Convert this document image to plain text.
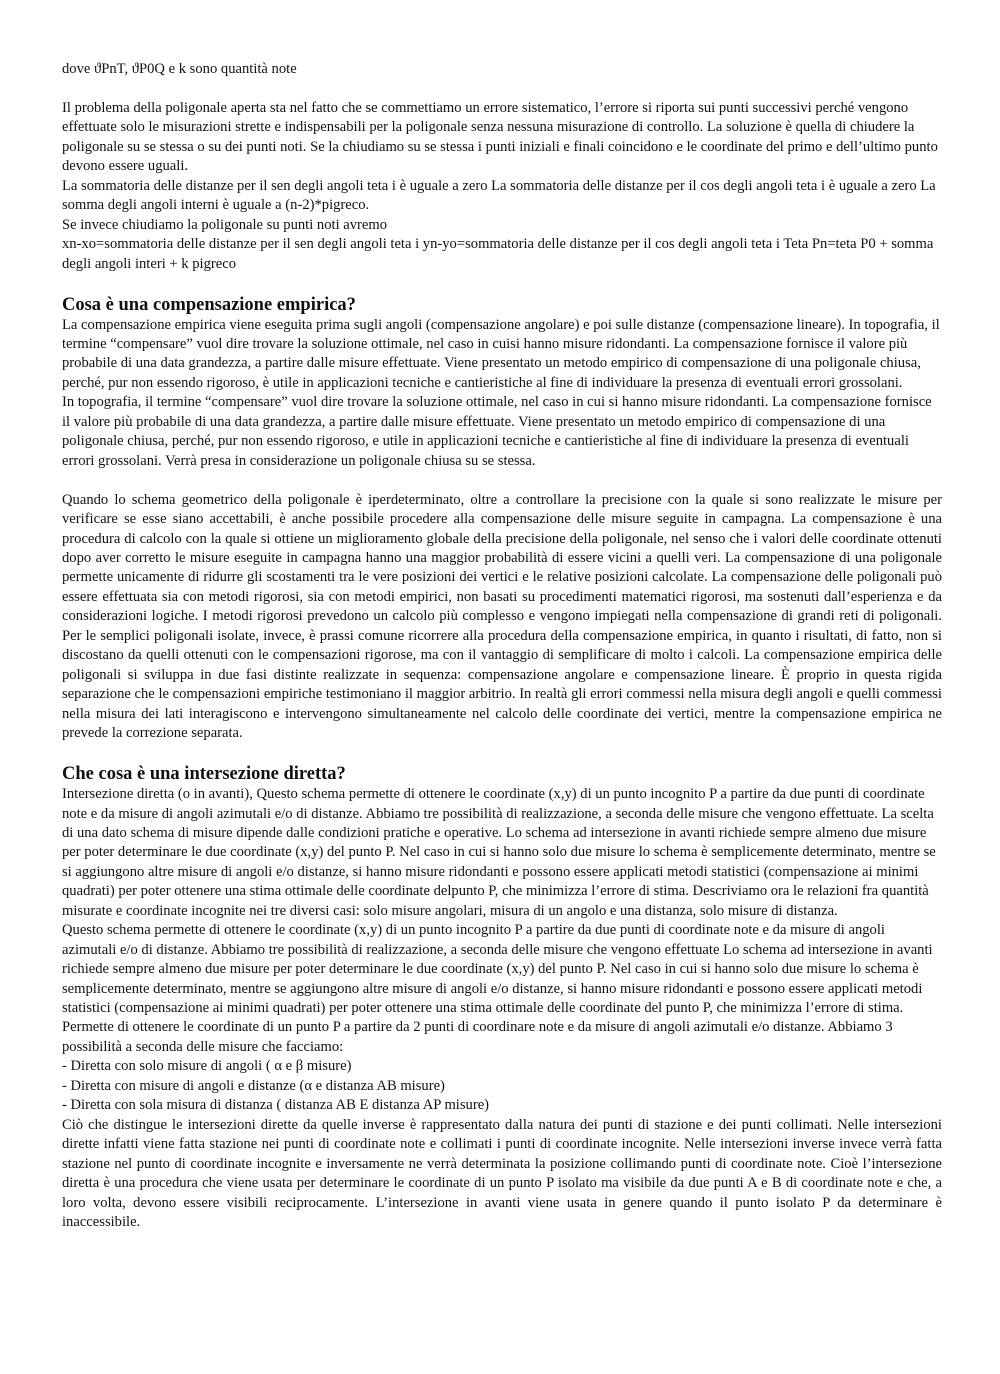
dove ϑPnT, ϑP0Q e k sono quantità note

Il problema della poligonale aperta sta nel fatto che se commettiamo un errore sistematico, l’errore si riporta sui punti successivi perché vengono effettuate solo le misurazioni strette e indispensabili per la poligonale senza nessuna misurazione di controllo. La soluzione è quella di chiudere la poligonale su se stessa o su dei punti noti. Se la chiudiamo su se stessa i punti iniziali e finali coincidono e le coordinate del primo e dell’ultimo punto devono essere uguali.

La sommatoria delle distanze per il sen degli angoli teta i è uguale a zero La sommatoria delle distanze per il cos degli angoli teta i è uguale a zero La somma degli angoli interni è uguale a (n-2)*pigreco.

Se invece chiudiamo la poligonale su punti noti avremo

xn-xo=sommatoria delle distanze per il sen degli angoli teta i yn-yo=sommatoria delle distanze per il cos degli angoli teta i Teta Pn=teta P0 + somma degli angoli interi + k pigreco

Cosa è una compensazione empirica?

La compensazione empirica viene eseguita prima sugli angoli (compensazione angolare) e poi sulle distanze (compensazione lineare). In topografia, il termine “compensare” vuol dire trovare la soluzione ottimale, nel caso in cuisi hanno misure ridondanti. La compensazione fornisce il valore più probabile di una data grandezza, a partire dalle misure effettuate. Viene presentato un metodo empirico di compensazione di una poligonale chiusa, perché, pur non essendo rigoroso, è utile in applicazioni tecniche e cantieristiche al fine di individuare la presenza di eventuali errori grossolani.

In topografia, il termine “compensare” vuol dire trovare la soluzione ottimale, nel caso in cui si hanno misure ridondanti. La compensazione fornisce il valore più probabile di una data grandezza, a partire dalle misure effettuate. Viene presentato un metodo empirico di compensazione di una poligonale chiusa, perché, pur non essendo rigoroso, e utile in applicazioni tecniche e cantieristiche al fine di individuare la presenza di eventuali errori grossolani. Verrà presa in considerazione un poligonale chiusa su se stessa.

Quando lo schema geometrico della poligonale è iperdeterminato, oltre a controllare la precisione con la quale si sono realizzate le misure per verificare se esse siano accettabili, è anche possibile procedere alla compensazione delle misure seguite in campagna. La compensazione è una procedura di calcolo con la quale si ottiene un miglioramento globale della precisione della poligonale, nel senso che i valori delle coordinate ottenuti dopo aver corretto le misure eseguite in campagna hanno una maggior probabilità di essere vicini a quelli veri. La compensazione di una poligonale permette unicamente di ridurre gli scostamenti tra le vere posizioni dei vertici e le relative posizioni calcolate. La compensazione delle poligonali può essere effettuata sia con metodi rigorosi, sia con metodi empirici, non basati su procedimenti matematici rigorosi, ma sostenuti dall’esperienza e da considerazioni logiche. I metodi rigorosi prevedono un calcolo più complesso e vengono impiegati nella compensazione di grandi reti di poligonali. Per le semplici poligonali isolate, invece, è prassi comune ricorrere alla procedura della compensazione empirica, in quanto i risultati, di fatto, non si discostano da quelli ottenuti con le compensazioni rigorose, ma con il vantaggio di semplificare di molto i calcoli. La compensazione empirica delle poligonali si sviluppa in due fasi distinte realizzate in sequenza: compensazione angolare e compensazione lineare. È proprio in questa rigida separazione che le compensazioni empiriche testimoniano il maggior arbitrio. In realtà gli errori commessi nella misura degli angoli e quelli commessi nella misura dei lati interagiscono e intervengono simultaneamente nel calcolo delle coordinate dei vertici, mentre la compensazione empirica ne prevede la correzione separata.

Che cosa è una intersezione diretta?

Intersezione diretta (o in avanti), Questo schema permette di ottenere le coordinate (x,y) di un punto incognito P a partire da due punti di coordinate note e da misure di angoli azimutali e/o di distanze. Abbiamo tre possibilità di realizzazione, a seconda delle misure che vengono effettuate. La scelta di una dato schema di misure dipende dalle condizioni pratiche e operative. Lo schema ad intersezione in avanti richiede sempre almeno due misure per poter determinare le due coordinate (x,y) del punto P. Nel caso in cui si hanno solo due misure lo schema è semplicemente determinato, mentre se si aggiungono altre misure di angoli e/o distanze, si hanno misure ridondanti e possono essere applicati metodi statistici (compensazione ai minimi quadrati) per poter ottenere una stima ottimale delle coordinate delpunto P, che minimizza l’errore di stima. Descriviamo ora le relazioni fra quantità misurate e coordinate incognite nei tre diversi casi: solo misure angolari, misura di un angolo e una distanza, solo misure di distanza.

Questo schema permette di ottenere le coordinate (x,y) di un punto incognito P a partire da due punti di coordinate note e da misure di angoli azimutali e/o di distanze. Abbiamo tre possibilità di realizzazione, a seconda delle misure che vengono effettuate Lo schema ad intersezione in avanti richiede sempre almeno due misure per poter determinare le due coordinate (x,y) del punto P. Nel caso in cui si hanno solo due misure lo schema è semplicemente determinato, mentre se aggiungono altre misure di angoli e/o distanze, si hanno misure ridondanti e possono essere applicati metodi statistici (compensazione ai minimi quadrati) per poter ottenere una stima ottimale delle coordinate del punto P, che minimizza l’errore di stima.

Permette di ottenere le coordinate di un punto P a partire da 2 punti di coordinare note e da misure di angoli azimutali e/o distanze. Abbiamo 3 possibilità a seconda delle misure che facciamo:

- Diretta con solo misure di angoli ( α e β misure)
- Diretta con misure di angoli e distanze (α e distanza AB misure)
- Diretta con sola misura di distanza ( distanza AB E distanza AP misure)

Ciò che distingue le intersezioni dirette da quelle inverse è rappresentato dalla natura dei punti di stazione e dei punti collimati. Nelle intersezioni dirette infatti viene fatta stazione nei punti di coordinate note e collimati i punti di coordinate incognite. Nelle intersezioni inverse invece verrà fatta stazione nel punto di coordinate incognite e inversamente ne verrà determinata la posizione collimando punti di coordinate note. Cioè l’intersezione diretta è una procedura che viene usata per determinare le coordinate di un punto P isolato ma visibile da due punti A e B di coordinate note e che, a loro volta, devono essere visibili reciprocamente. L’intersezione in avanti viene usata in genere quando il punto isolato P da determinare è inaccessibile.
